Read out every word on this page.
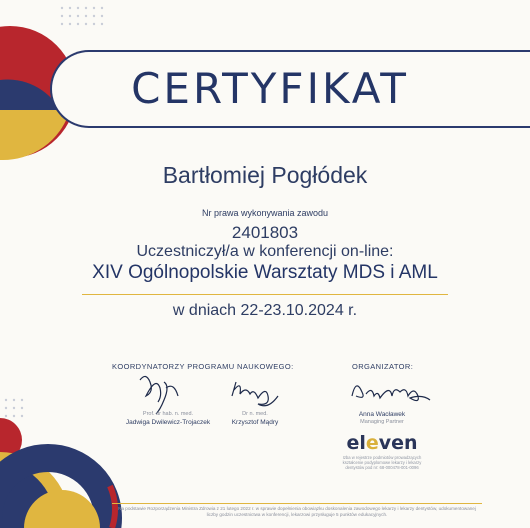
CERTYFIKAT
Bartłomiej Pogłódek
Nr prawa wykonywania zawodu
2401803
Uczestniczył/a w konferencji on-line:
XIV Ogólnopolskie Warsztaty MDS i AML
w dniach 22-23.10.2024 r.
KOORDYNATORZY PROGRAMU NAUKOWEGO:
Prof. dr hab. n. med.
Jadwiga Dwilewicz-Trojaczek
Dr n. med.
Krzysztof Mądry
ORGANIZATOR:
Anna Wacławek
Managing Partner
eleven
Izba w rejestrze podmiotów prowadzących kształcenie podyplomowe lekarzy i lekarzy dentystów pod nr: 68-000478-001-0096
Na podstawie Rozporządzenia Ministra Zdrowia z 21 lutego 2022 r. w sprawie dopełnienia obowiązku doskonalenia zawodowego lekarzy i lekarzy dentystów, udokumentowanej liczby godzin uczestnictwa w konferencji, lekarzowi przysługuje 5 punktów edukacyjnych.
